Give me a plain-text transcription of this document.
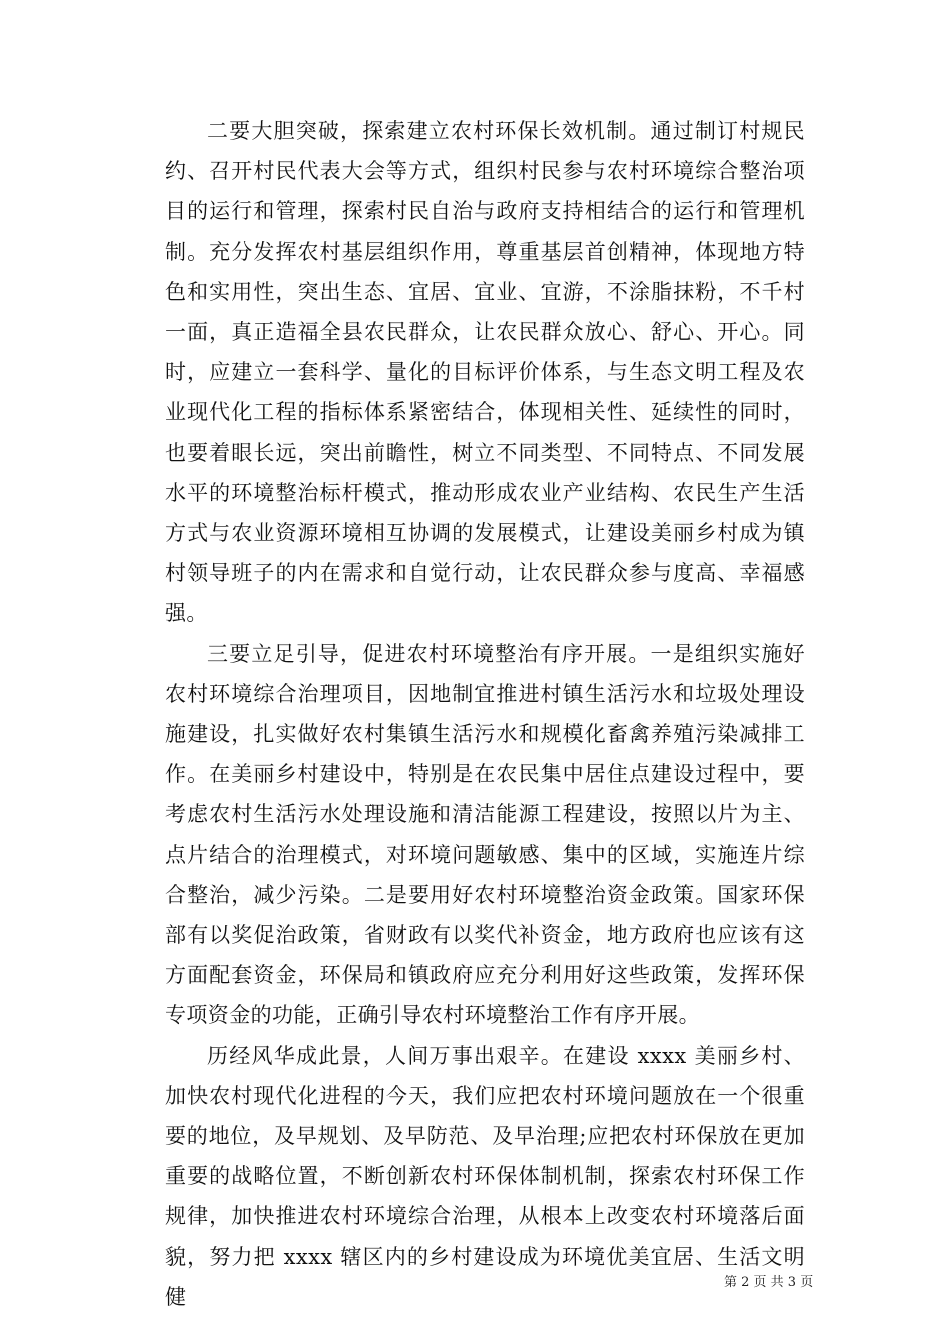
二要大胆突破，探索建立农村环保长效机制。通过制订村规民约、召开村民代表大会等方式，组织村民参与农村环境综合整治项目的运行和管理，探索村民自治与政府支持相结合的运行和管理机制。充分发挥农村基层组织作用，尊重基层首创精神，体现地方特色和实用性，突出生态、宜居、宜业、宜游，不涂脂抹粉，不千村一面，真正造福全县农民群众，让农民群众放心、舒心、开心。同时，应建立一套科学、量化的目标评价体系，与生态文明工程及农业现代化工程的指标体系紧密结合，体现相关性、延续性的同时，也要着眼长远，突出前瞻性，树立不同类型、不同特点、不同发展水平的环境整治标杆模式，推动形成农业产业结构、农民生产生活方式与农业资源环境相互协调的发展模式，让建设美丽乡村成为镇村领导班子的内在需求和自觉行动，让农民群众参与度高、幸福感强。

三要立足引导，促进农村环境整治有序开展。一是组织实施好农村环境综合治理项目，因地制宜推进村镇生活污水和垃圾处理设施建设，扎实做好农村集镇生活污水和规模化畜禽养殖污染减排工作。在美丽乡村建设中，特别是在农民集中居住点建设过程中，要考虑农村生活污水处理设施和清洁能源工程建设，按照以片为主、点片结合的治理模式，对环境问题敏感、集中的区域，实施连片综合整治，减少污染。二是要用好农村环境整治资金政策。国家环保部有以奖促治政策，省财政有以奖代补资金，地方政府也应该有这方面配套资金，环保局和镇政府应充分利用好这些政策，发挥环保专项资金的功能，正确引导农村环境整治工作有序开展。

历经风华成此景，人间万事出艰辛。在建设 xxxx 美丽乡村、加快农村现代化进程的今天，我们应把农村环境问题放在一个很重要的地位，及早规划、及早防范、及早治理;应把农村环保放在更加重要的战略位置，不断创新农村环保体制机制，探索农村环保工作规律，加快推进农村环境综合治理，从根本上改变农村环境落后面貌，努力把 xxxx 辖区内的乡村建设成为环境优美宜居、生活文明健

第 2 页 共 3 页
